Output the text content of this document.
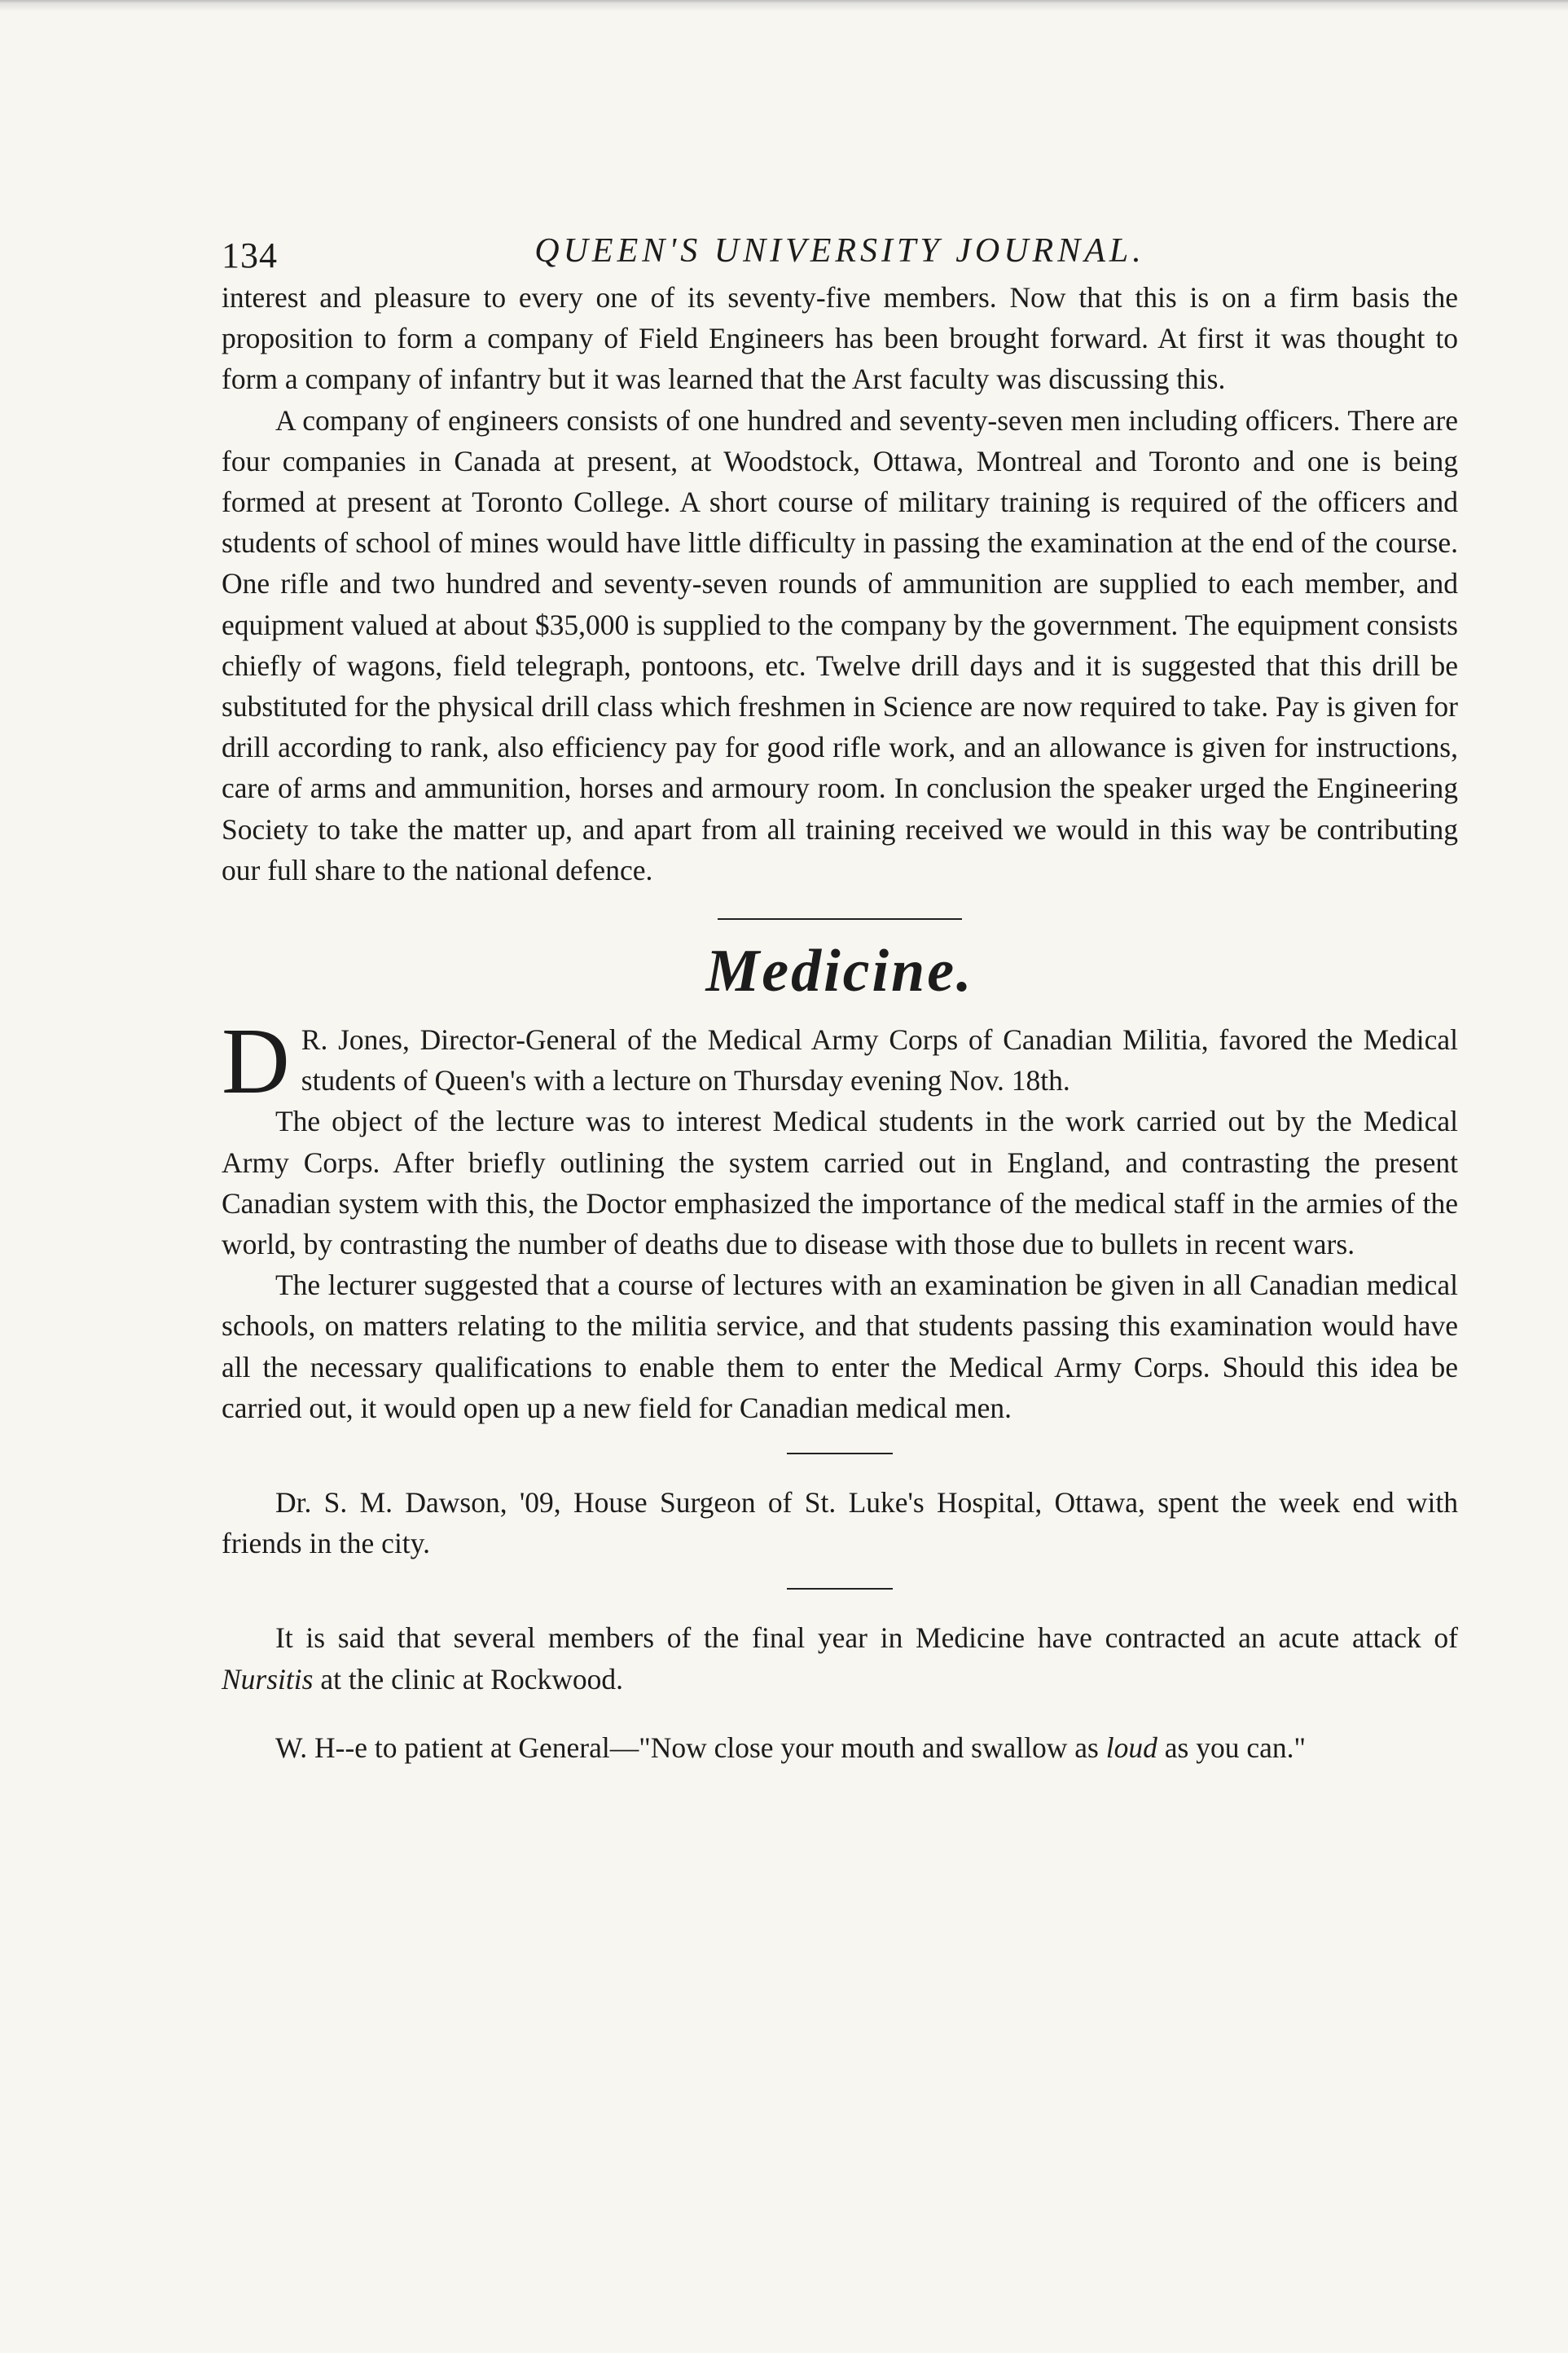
134	QUEEN'S UNIVERSITY JOURNAL.

interest and pleasure to every one of its seventy-five members. Now that this is on a firm basis the proposition to form a company of Field Engineers has been brought forward. At first it was thought to form a company of infantry but it was learned that the Arst faculty was discussing this.

A company of engineers consists of one hundred and seventy-seven men including officers. There are four companies in Canada at present, at Woodstock, Ottawa, Montreal and Toronto and one is being formed at present at Toronto College. A short course of military training is required of the officers and students of school of mines would have little difficulty in passing the examination at the end of the course. One rifle and two hundred and seventy-seven rounds of ammunition are supplied to each member, and equipment valued at about $35,000 is supplied to the company by the government. The equipment consists chiefly of wagons, field telegraph, pontoons, etc. Twelve drill days and it is suggested that this drill be substituted for the physical drill class which freshmen in Science are now required to take. Pay is given for drill according to rank, also efficiency pay for good rifle work, and an allowance is given for instructions, care of arms and ammunition, horses and armoury room. In conclusion the speaker urged the Engineering Society to take the matter up, and apart from all training received we would in this way be contributing our full share to the national defence.

Medicine.

D R. Jones, Director-General of the Medical Army Corps of Canadian Militia, favored the Medical students of Queen's with a lecture on Thursday evening Nov. 18th.

The object of the lecture was to interest Medical students in the work carried out by the Medical Army Corps. After briefly outlining the system carried out in England, and contrasting the present Canadian system with this, the Doctor emphasized the importance of the medical staff in the armies of the world, by contrasting the number of deaths due to disease with those due to bullets in recent wars.

The lecturer suggested that a course of lectures with an examination be given in all Canadian medical schools, on matters relating to the militia service, and that students passing this examination would have all the necessary qualifications to enable them to enter the Medical Army Corps. Should this idea be carried out, it would open up a new field for Canadian medical men.

Dr. S. M. Dawson, '09, House Surgeon of St. Luke's Hospital, Ottawa, spent the week end with friends in the city.

It is said that several members of the final year in Medicine have contracted an acute attack of Nursitis at the clinic at Rockwood.

W. H--e to patient at General—"Now close your mouth and swallow as loud as you can."
